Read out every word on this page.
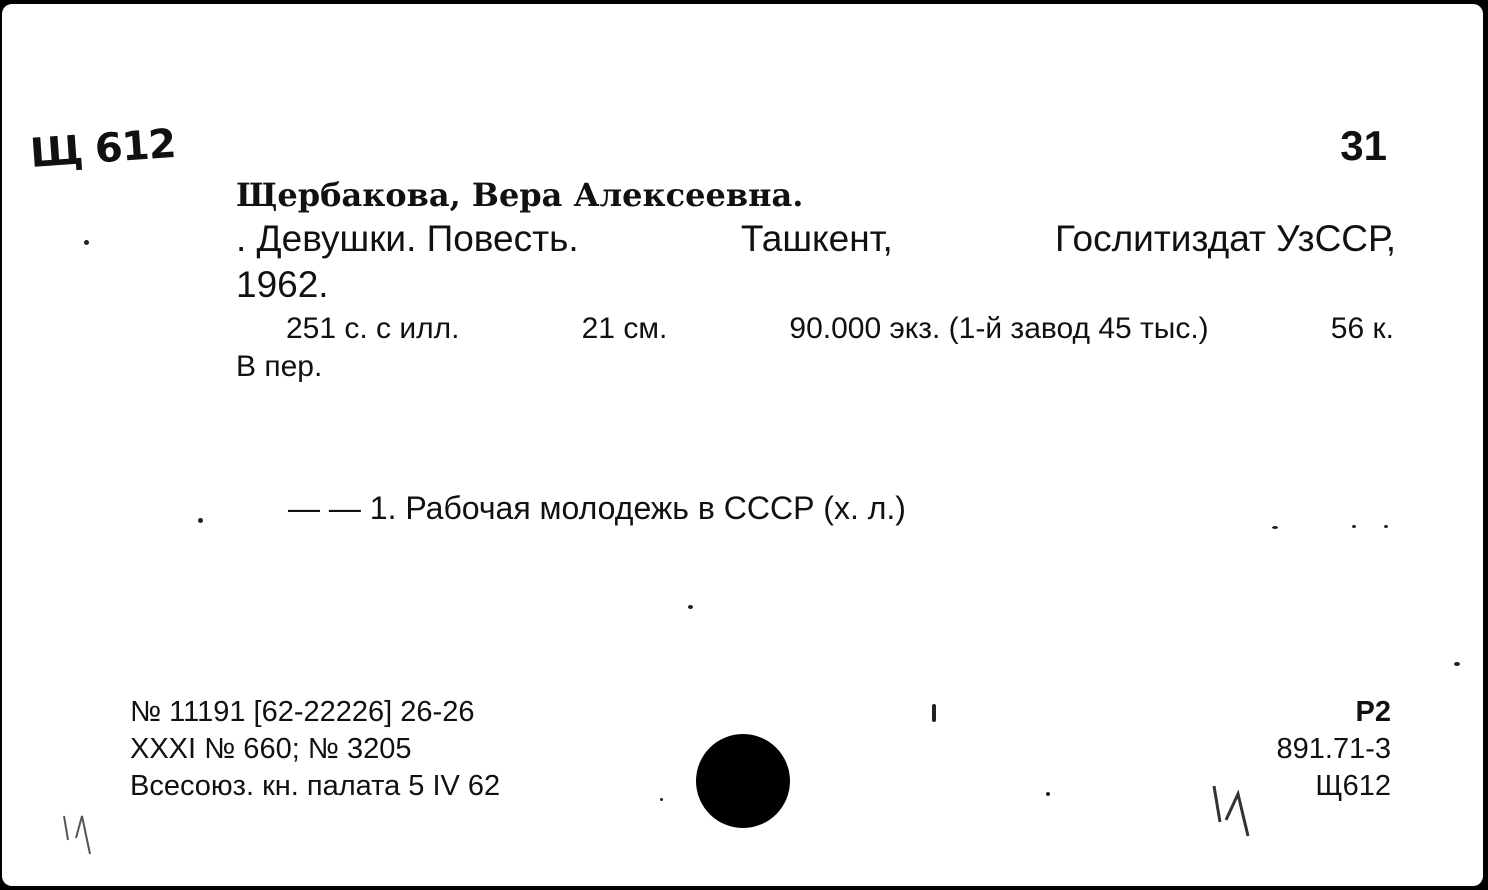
Щ 612	31
Щербакова, Вера Алексеевна.
. Девушки. Повесть.	Ташкент,	Гослитиздат УзССР,
1962.
251 с. с илл.	21 см.	90.000 экз. (1-й завод 45 тыс.)	56 к.
В пер.
— — 1. Рабочая молодежь в СССР (х. л.)
№ 11191 [62-22226] 26-26
XXXI № 660; № 3205
Всесоюз. кн. палата 5 IV 62
P2
891.71-3
Щ612
